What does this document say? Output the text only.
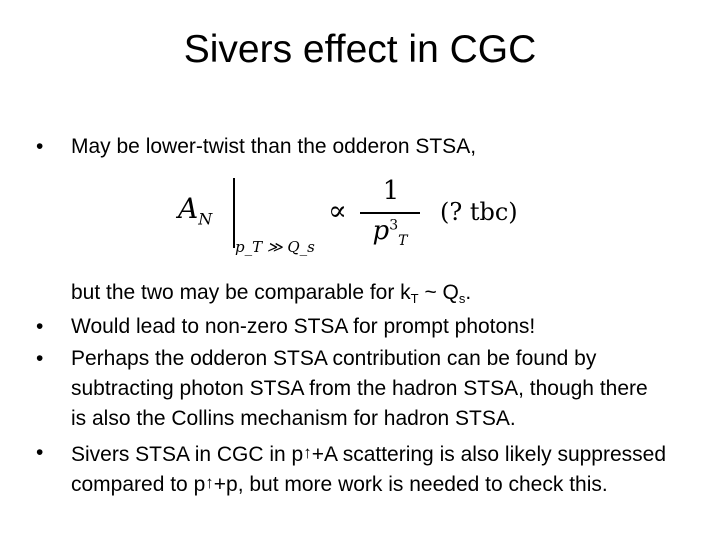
Sivers effect in CGC
•	May be lower-twist than the odderon STSA,
$A_N$
p_T ≫ Q_s
∝
1
$p^3_T$
(? tbc)
but the two may be comparable for $k_T$ ~ $Q_s$.
•	Would lead to non-zero STSA for prompt photons!
•	Perhaps the odderon STSA contribution can be found by
subtracting photon STSA from the hadron STSA, though there
is also the Collins mechanism for hadron STSA.
•	Sivers STSA in CGC in p↑+A scattering is also likely suppressed
compared to p↑+p, but more work is needed to check this.
